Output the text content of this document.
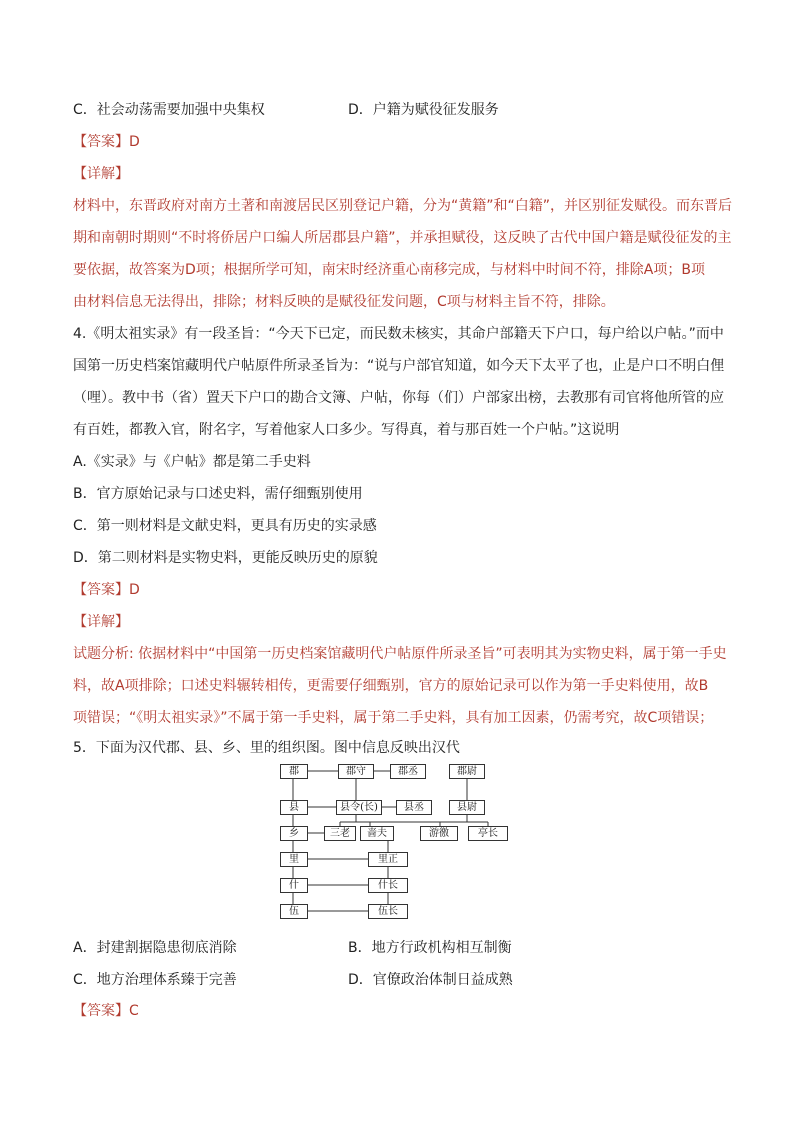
C．社会动荡需要加强中央集权	D．户籍为赋役征发服务
【答案】D
【详解】
材料中，东晋政府对南方土著和南渡居民区别登记户籍，分为“黄籍”和“白籍”，并区别征发赋役。而东晋后
期和南朝时期则“不时将侨居户口编人所居郡县户籍”，并承担赋役，这反映了古代中国户籍是赋役征发的主
要依据，故答案为D项；根据所学可知，南宋时经济重心南移完成，与材料中时间不符，排除A项；B项
由材料信息无法得出，排除；材料反映的是赋役征发问题，C项与材料主旨不符，排除。
4.《明太祖实录》有一段圣旨：“今天下已定，而民数未核实，其命户部籍天下户口，每户给以户帖。”而中
国第一历史档案馆藏明代户帖原件所录圣旨为：“说与户部官知道，如今天下太平了也，止是户口不明白俚
（哩）。教中书（省）置天下户口的勘合文簿、户帖，你每（们）户部家出榜，去教那有司官将他所管的应
有百姓，都教入官，附名字，写着他家人口多少。写得真，着与那百姓一个户帖。”这说明
A.《实录》与《户帖》都是第二手史料
B．官方原始记录与口述史料，需仔细甄别使用
C．第一则材料是文献史料，更具有历史的实录感
D．第二则材料是实物史料，更能反映历史的原貌
【答案】D
【详解】
试题分析: 依据材料中“中国第一历史档案馆藏明代户帖原件所录圣旨”可表明其为实物史料，属于第一手史
料，故A项排除；口述史料辗转相传，更需要仔细甄别，官方的原始记录可以作为第一手史料使用，故B
项错误；“《明太祖实录》”不属于第一手史料，属于第二手史料，具有加工因素，仍需考究，故C项错误；
5．下面为汉代郡、县、乡、里的组织图。图中信息反映出汉代
郡
县
乡
里
什
伍
郡守	郡丞	郡尉
县令(长)	县丞	县尉
三老	啬夫	游徼	亭长
里正
什长
伍长
A．封建割据隐患彻底消除	B．地方行政机构相互制衡
C．地方治理体系臻于完善	D．官僚政治体制日益成熟
【答案】C
